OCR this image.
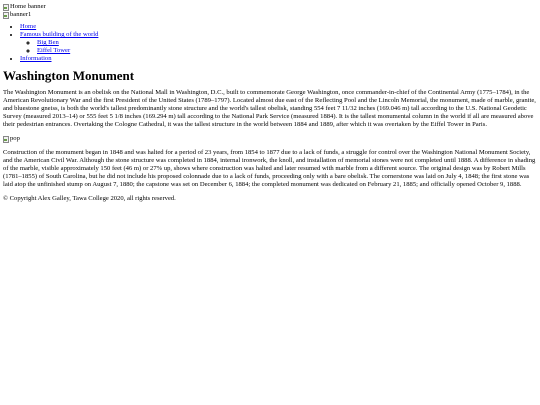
Home banner
banner1
• Home
• Famous building of the world
◦ Big Ben
◦ Eiffel Tower
• Information
Washington Monument

The Washington Monument is an obelisk on the National Mall in Washington, D.C., built to commemorate George Washington, once commander-in-chief of the Continental Army (1775–1784), in the American Revolutionary War and the first President of the United States (1789–1797). Located almost due east of the Reflecting Pool and the Lincoln Memorial, the monument, made of marble, granite, and bluestone gneiss, is both the world's tallest predominantly stone structure and the world's tallest obelisk, standing 554 feet 7 11/32 inches (169.046 m) tall according to the U.S. National Geodetic Survey (measured 2013–14) or 555 feet 5 1/8 inches (169.294 m) tall according to the National Park Service (measured 1884). It is the tallest monumental column in the world if all are measured above their pedestrian entrances. Overtaking the Cologne Cathedral, it was the tallest structure in the world between 1884 and 1889, after which it was overtaken by the Eiffel Tower in Paris.

pop

Construction of the monument began in 1848 and was halted for a period of 23 years, from 1854 to 1877 due to a lack of funds, a struggle for control over the Washington National Monument Society, and the American Civil War. Although the stone structure was completed in 1884, internal ironwork, the knoll, and installation of memorial stones were not completed until 1888. A difference in shading of the marble, visible approximately 150 feet (46 m) or 27% up, shows where construction was halted and later resumed with marble from a different source. The original design was by Robert Mills (1781–1855) of South Carolina, but he did not include his proposed colonnade due to a lack of funds, proceeding only with a bare obelisk. The cornerstone was laid on July 4, 1848; the first stone was laid atop the unfinished stump on August 7, 1880; the capstone was set on December 6, 1884; the completed monument was dedicated on February 21, 1885; and officially opened October 9, 1888.

© Copyright Alex Galley, Tawa College 2020, all rights reserved.
